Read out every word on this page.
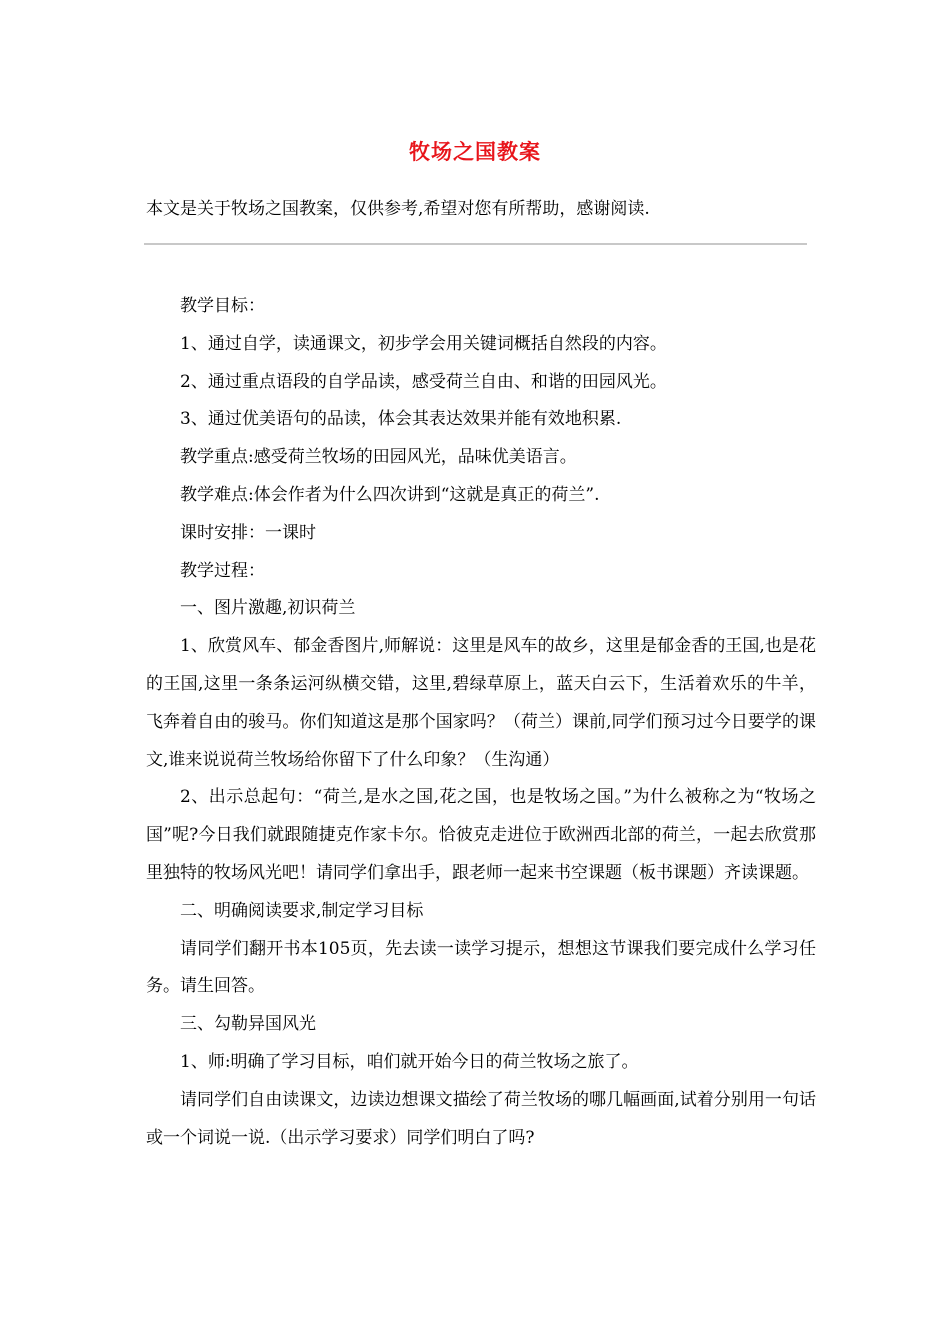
牧场之国教案
本文是关于牧场之国教案，仅供参考,希望对您有所帮助，感谢阅读.

教学目标：

1、通过自学，读通课文，初步学会用关键词概括自然段的内容。

2、通过重点语段的自学品读，感受荷兰自由、和谐的田园风光。

3、通过优美语句的品读，体会其表达效果并能有效地积累.

教学重点:感受荷兰牧场的田园风光，品味优美语言。

教学难点:体会作者为什么四次讲到“这就是真正的荷兰”.

课时安排：一课时

教学过程：

一、图片激趣,初识荷兰

1、欣赏风车、郁金香图片,师解说：这里是风车的故乡，这里是郁金香的王国,也是花的王国,这里一条条运河纵横交错，这里,碧绿草原上，蓝天白云下，生活着欢乐的牛羊，飞奔着自由的骏马。你们知道这是那个国家吗？（荷兰）课前,同学们预习过今日要学的课文,谁来说说荷兰牧场给你留下了什么印象？（生沟通）

2、出示总起句：“荷兰,是水之国,花之国，也是牧场之国。”为什么被称之为“牧场之国”呢?今日我们就跟随捷克作家卡尔。恰彼克走进位于欧洲西北部的荷兰，一起去欣赏那里独特的牧场风光吧！请同学们拿出手，跟老师一起来书空课题（板书课题）齐读课题。

二、明确阅读要求,制定学习目标

请同学们翻开书本105页，先去读一读学习提示，想想这节课我们要完成什么学习任务。请生回答。

三、勾勒异国风光

1、师:明确了学习目标，咱们就开始今日的荷兰牧场之旅了。

请同学们自由读课文，边读边想课文描绘了荷兰牧场的哪几幅画面,试着分别用一句话或一个词说一说.（出示学习要求）同学们明白了吗?
